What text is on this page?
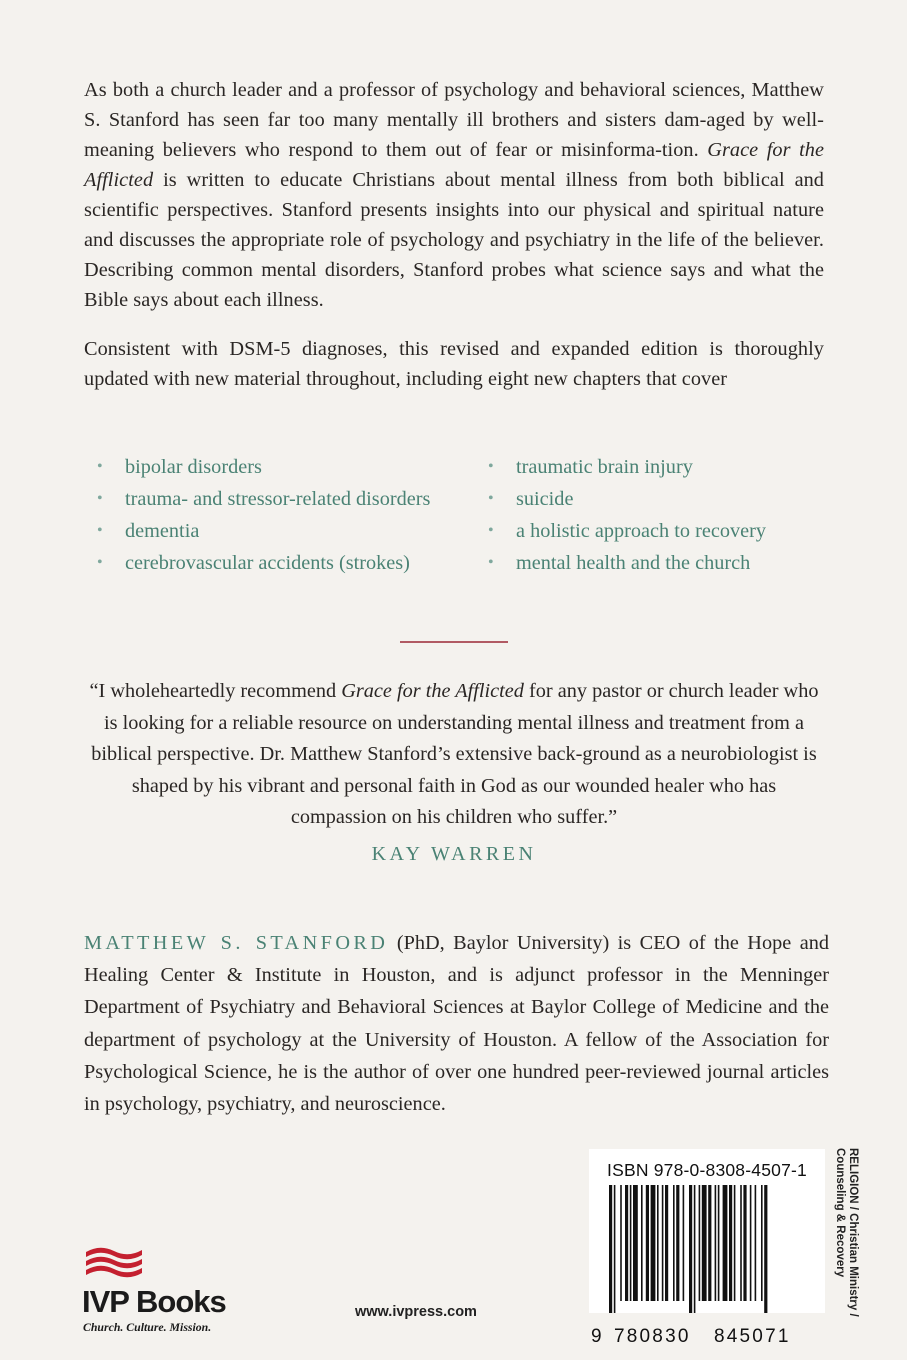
As both a church leader and a professor of psychology and behavioral sciences, Matthew S. Stanford has seen far too many mentally ill brothers and sisters dam-aged by well-meaning believers who respond to them out of fear or misinforma-tion. Grace for the Afflicted is written to educate Christians about mental illness from both biblical and scientific perspectives. Stanford presents insights into our physical and spiritual nature and discusses the appropriate role of psychology and psychiatry in the life of the believer. Describing common mental disorders, Stanford probes what science says and what the Bible says about each illness.

Consistent with DSM-5 diagnoses, this revised and expanded edition is thoroughly updated with new material throughout, including eight new chapters that cover

• bipolar disorders
• trauma- and stressor-related disorders
• dementia
• cerebrovascular accidents (strokes)
• traumatic brain injury
• suicide
• a holistic approach to recovery
• mental health and the church

“I wholeheartedly recommend Grace for the Afflicted for any pastor or church leader who is looking for a reliable resource on understanding mental illness and treatment from a biblical perspective. Dr. Matthew Stanford’s extensive back-ground as a neurobiologist is shaped by his vibrant and personal faith in God as our wounded healer who has compassion on his children who suffer.”

KAY WARREN

MATTHEW S. STANFORD (PhD, Baylor University) is CEO of the Hope and Healing Center & Institute in Houston, and is adjunct professor in the Menninger Department of Psychiatry and Behavioral Sciences at Baylor College of Medicine and the department of psychology at the University of Houston. A fellow of the Association for Psychological Science, he is the author of over one hundred peer-reviewed journal articles in psychology, psychiatry, and neuroscience.

ISBN 978-0-8308-4507-1
9 780830 845071
RELIGION / Christian Ministry /
Counseling & Recovery
IVP Books
Church. Culture. Mission.
www.ivpress.com
